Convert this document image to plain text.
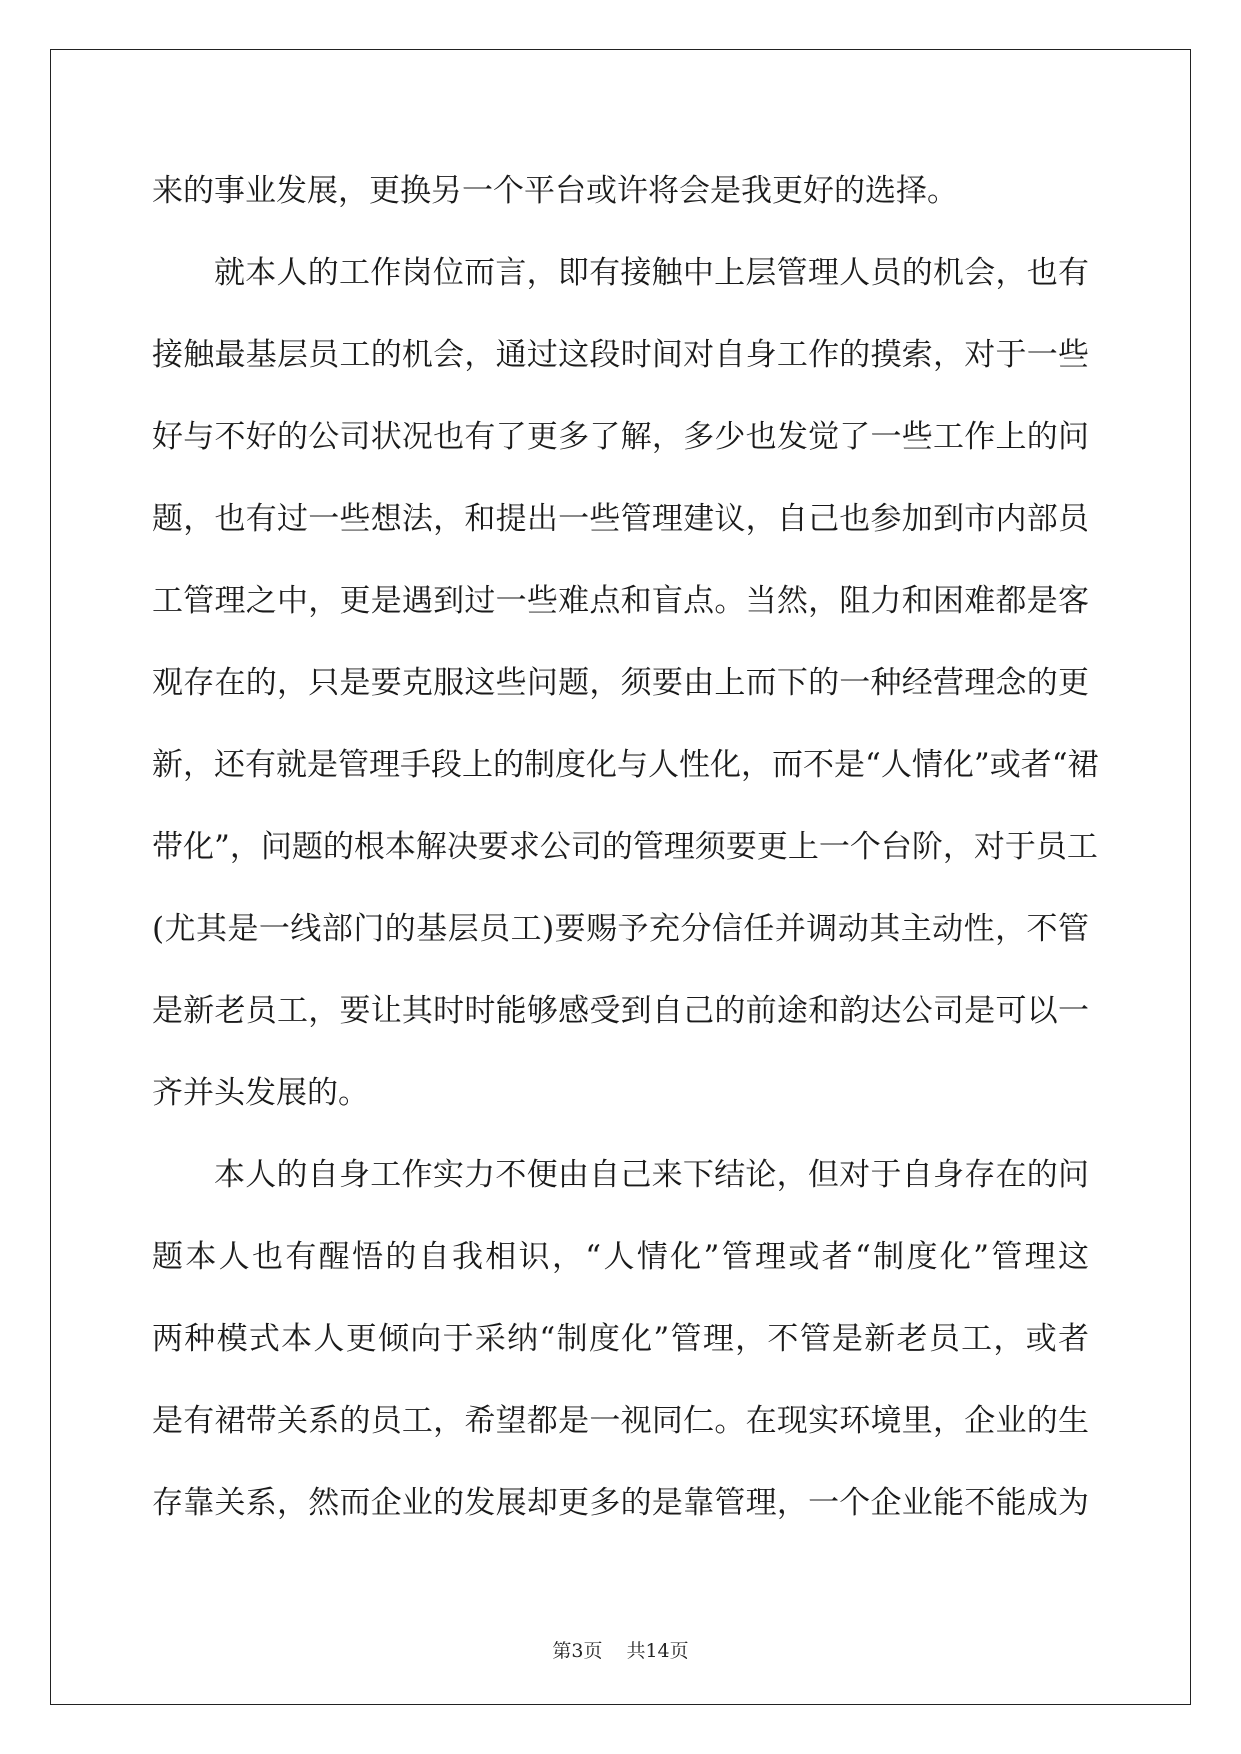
来的事业发展，更换另一个平台或许将会是我更好的选择。
就本人的工作岗位而言，即有接触中上层管理人员的机会，也有
接触最基层员工的机会，通过这段时间对自身工作的摸索，对于一些
好与不好的公司状况也有了更多了解，多少也发觉了一些工作上的问
题，也有过一些想法，和提出一些管理建议，自己也参加到市内部员
工管理之中，更是遇到过一些难点和盲点。当然，阻力和困难都是客
观存在的，只是要克服这些问题，须要由上而下的一种经营理念的更
新，还有就是管理手段上的制度化与人性化，而不是“人情化”或者“裙
带化”，问题的根本解决要求公司的管理须要更上一个台阶，对于员工
(尤其是一线部门的基层员工)要赐予充分信任并调动其主动性，不管
是新老员工，要让其时时能够感受到自己的前途和韵达公司是可以一
齐并头发展的。
本人的自身工作实力不便由自己来下结论，但对于自身存在的问
题本人也有醒悟的自我相识，“人情化”管理或者“制度化”管理这
两种模式本人更倾向于采纳“制度化”管理，不管是新老员工，或者
是有裙带关系的员工，希望都是一视同仁。在现实环境里，企业的生
存靠关系，然而企业的发展却更多的是靠管理，一个企业能不能成为
第3页 共14页
